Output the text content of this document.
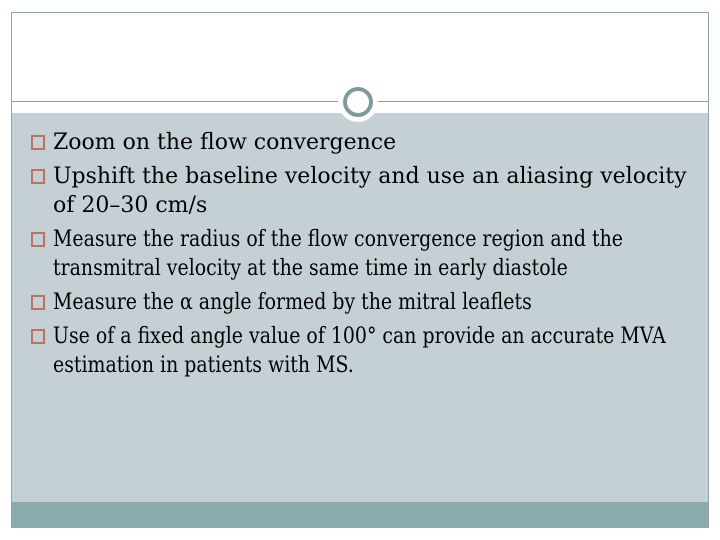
Zoom on the flow convergence
Upshift the baseline velocity and use an aliasing velocity of 20–30 cm/s
Measure the radius of the flow convergence region and the transmitral velocity at the same time in early diastole
Measure the α angle formed by the mitral leaflets
Use of a fixed angle value of 100° can provide an accurate MVA estimation in patients with MS.
